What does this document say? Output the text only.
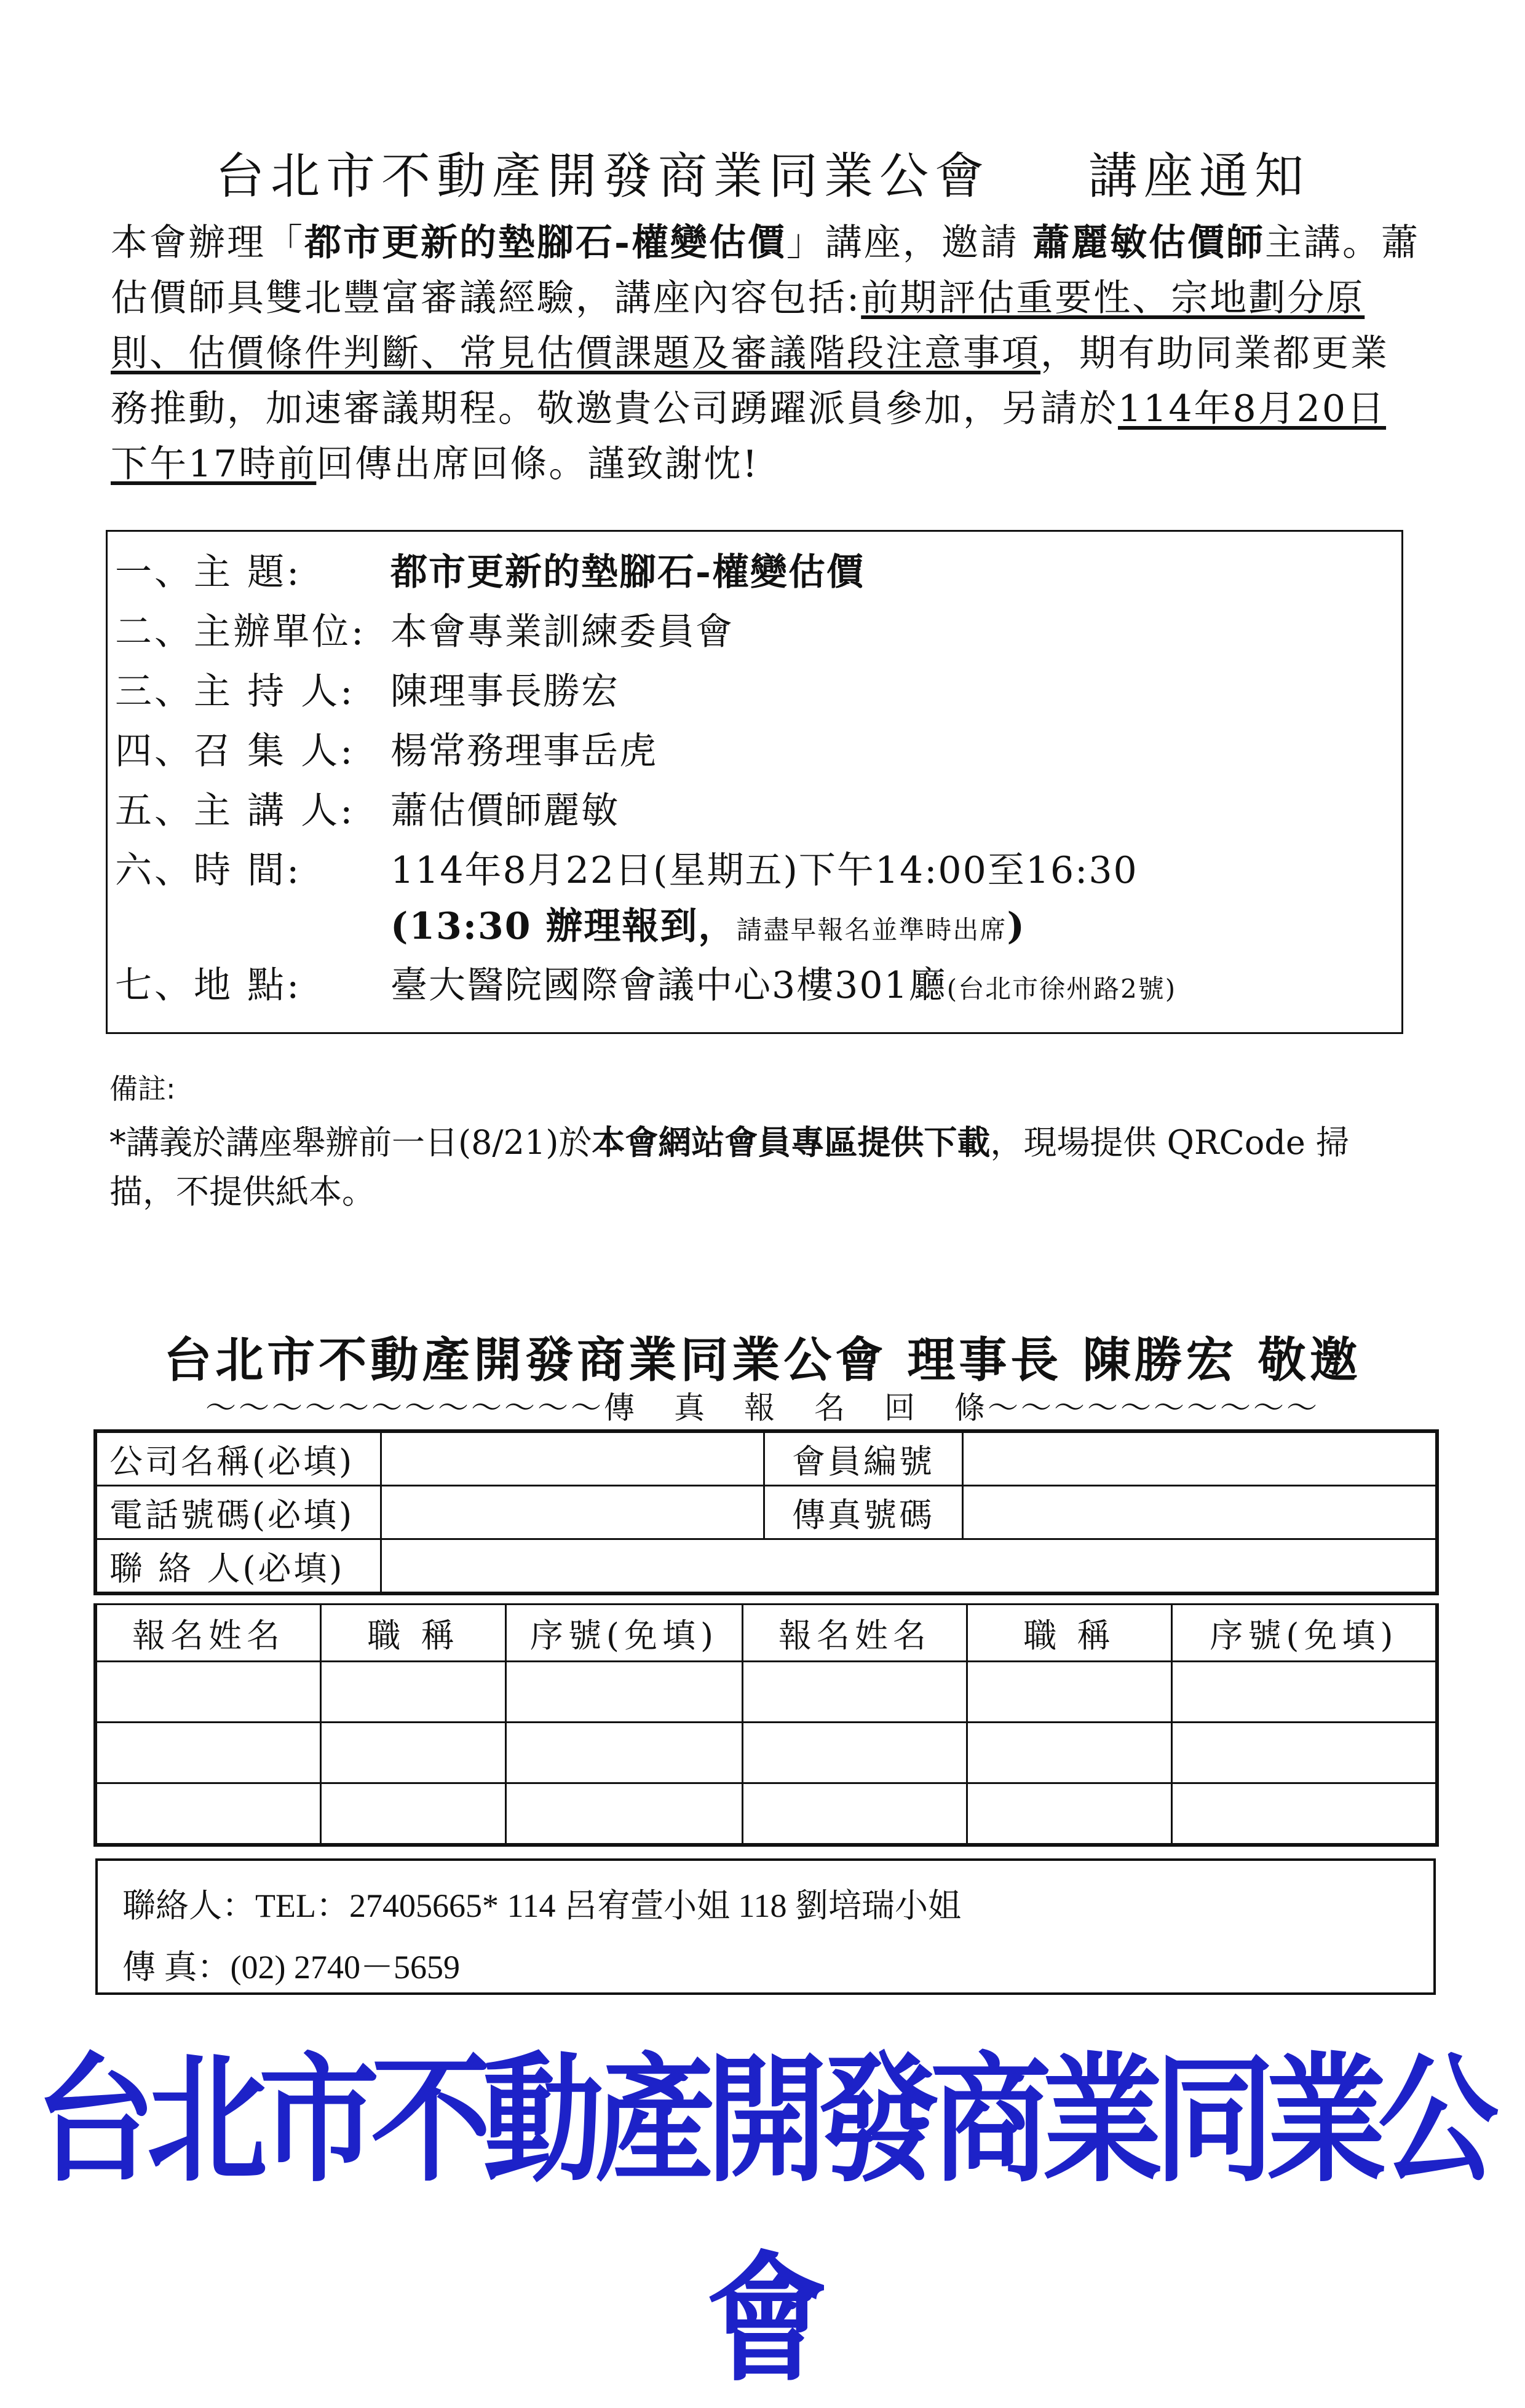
台北市不動產開發商業同業公會 講座通知
本會辦理「都市更新的墊腳石-權變估價」講座，邀請 蕭麗敏估價師主講。蕭估價師具雙北豐富審議經驗，講座內容包括:前期評估重要性、宗地劃分原則、估價條件判斷、常見估價課題及審議階段注意事項，期有助同業都更業務推動，加速審議期程。敬邀貴公司踴躍派員參加，另請於114年8月20日下午17時前回傳出席回條。謹致謝忱!
一、主 題: 都市更新的墊腳石-權變估價
二、主辦單位: 本會專業訓練委員會
三、主 持 人: 陳理事長勝宏
四、召 集 人: 楊常務理事岳虎
五、主 講 人: 蕭估價師麗敏
六、時 間: 114年8月22日(星期五)下午14:00至16:30
(13:30 辦理報到，請盡早報名並準時出席)
七、地 點: 臺大醫院國際會議中心3樓301廳(台北市徐州路2號)
備註:
*講義於講座舉辦前一日(8/21)於本會網站會員專區提供下載，現場提供 QRCode 掃描，不提供紙本。
台北市不動產開發商業同業公會 理事長 陳勝宏 敬邀
～～～～～～～～～～～～傳 真 報 名 回 條～～～～～～～～～～
公司名稱(必填)		會員編號	
電話號碼(必填)		傳真號碼	
聯 絡 人(必填)			
報名姓名	職 稱	序號(免填)	報名姓名	職 稱	序號(免填)

聯絡人：TEL：27405665* 114 呂宥萱小姐 118 劉培瑞小姐
傳 真：(02) 2740－5659
台北市不動產開發商業同業公會
